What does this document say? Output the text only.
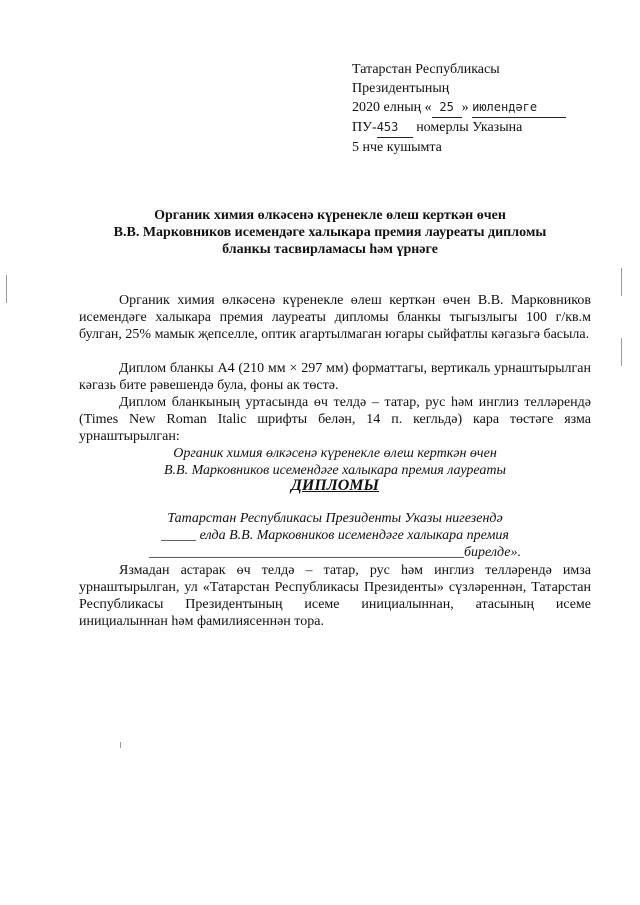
Татарстан Республикасы
Президентының
2020 елның « 25 » июлендәге
ПУ-453 номерлы Указына
5 нче кушымта
Органик химия өлкәсенә күренекле өлеш керткән өчен
В.В. Марковников исемендәге халыкара премия лауреаты дипломы
бланкы тасвирламасы һәм үрнәге
Органик химия өлкәсенә күренекле өлеш керткән өчен В.В. Марковников исемендәге халыкара премия лауреаты дипломы бланкы тыгызлыгы 100 г/кв.м булган, 25% мамык җепселле, оптик агартылмаган югары сыйфатлы кәгазьгә басыла.
Диплом бланкы А4 (210 мм × 297 мм) форматтагы, вертикаль урнаштырылган кәгазь бите рәвешендә була, фоны ак төстә.
Диплом бланкының уртасында өч телдә – татар, рус һәм инглиз телләрендә (Times New Roman Italic шрифты белән, 14 п. кегльдә) кара төстәге язма урнаштырылган:
Органик химия өлкәсенә күренекле өлеш керткән өчен
В.В. Марковников исемендәге халыкара премия лауреаты
ДИПЛОМЫ
Татарстан Республикасы Президенты Указы нигезендә
_____ елда В.В. Марковников исемендәге халыкара премия
_____________________________________________бирелде».
Язмадан астарак өч телдә – татар, рус һәм инглиз телләрендә имза урнаштырылган, ул «Татарстан Республикасы Президенты» сүзләреннән, Татарстан Республикасы Президентының исеме инициалыннан, атасының исеме инициалыннан һәм фамилиясеннән тора.
